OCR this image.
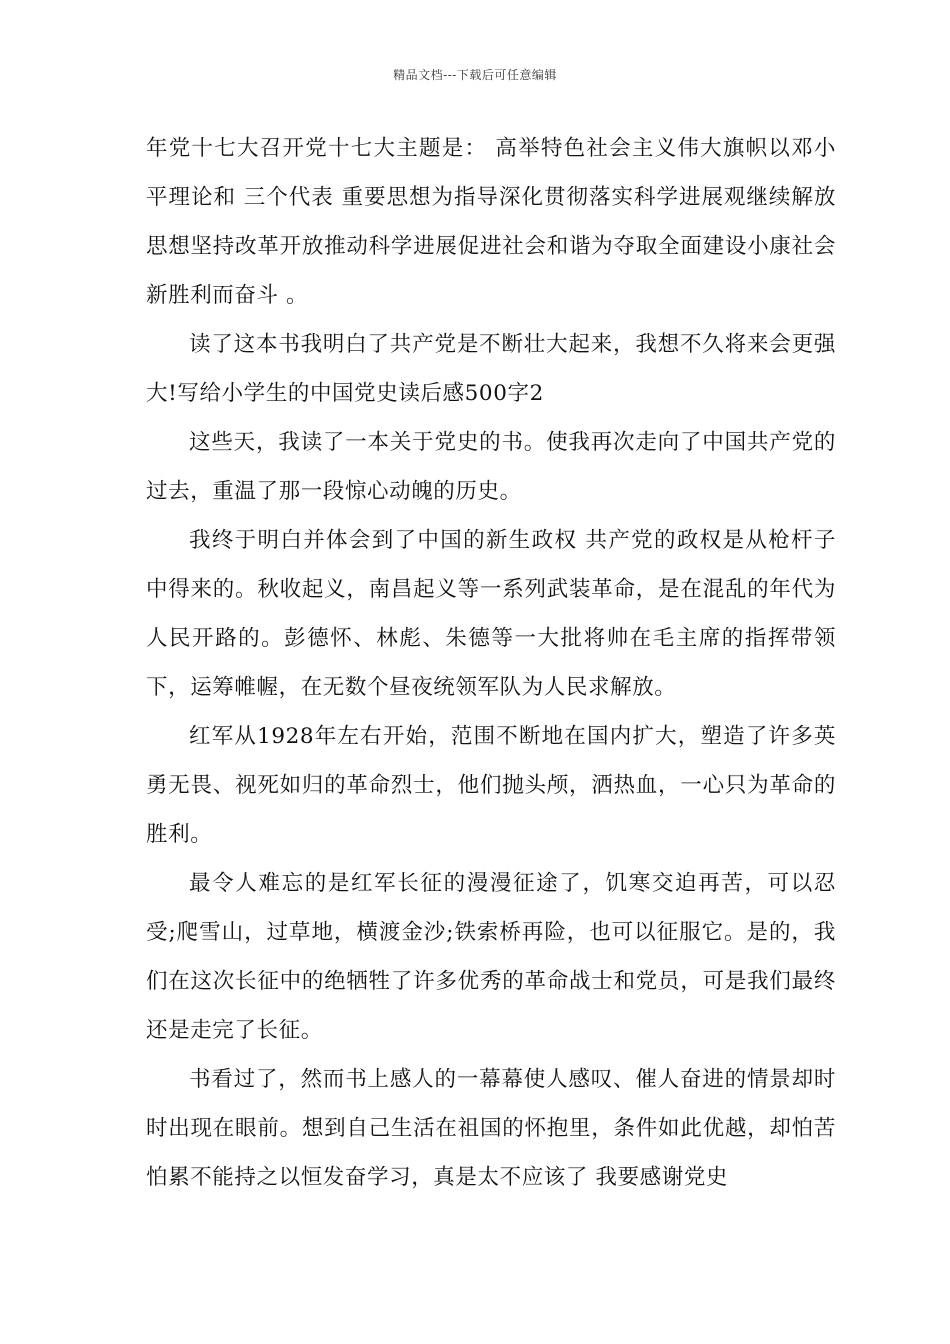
精品文档---下载后可任意编辑

年党十七大召开党十七大主题是： 高举特色社会主义伟大旗帜以邓小平理论和 三个代表 重要思想为指导深化贯彻落实科学进展观继续解放思想坚持改革开放推动科学进展促进社会和谐为夺取全面建设小康社会新胜利而奋斗 。

读了这本书我明白了共产党是不断壮大起来，我想不久将来会更强大!写给小学生的中国党史读后感500字2

这些天，我读了一本关于党史的书。使我再次走向了中国共产党的过去，重温了那一段惊心动魄的历史。

我终于明白并体会到了中国的新生政权 共产党的政权是从枪杆子中得来的。秋收起义，南昌起义等一系列武装革命，是在混乱的年代为人民开路的。彭德怀、林彪、朱德等一大批将帅在毛主席的指挥带领下，运筹帷幄，在无数个昼夜统领军队为人民求解放。

红军从1928年左右开始，范围不断地在国内扩大，塑造了许多英勇无畏、视死如归的革命烈士，他们抛头颅，洒热血，一心只为革命的胜利。

最令人难忘的是红军长征的漫漫征途了，饥寒交迫再苦，可以忍受;爬雪山，过草地，横渡金沙;铁索桥再险，也可以征服它。是的，我们在这次长征中的绝牺牲了许多优秀的革命战士和党员，可是我们最终还是走完了长征。

书看过了，然而书上感人的一幕幕使人感叹、催人奋进的情景却时时出现在眼前。想到自己生活在祖国的怀抱里，条件如此优越，却怕苦怕累不能持之以恒发奋学习，真是太不应该了 我要感谢党史
